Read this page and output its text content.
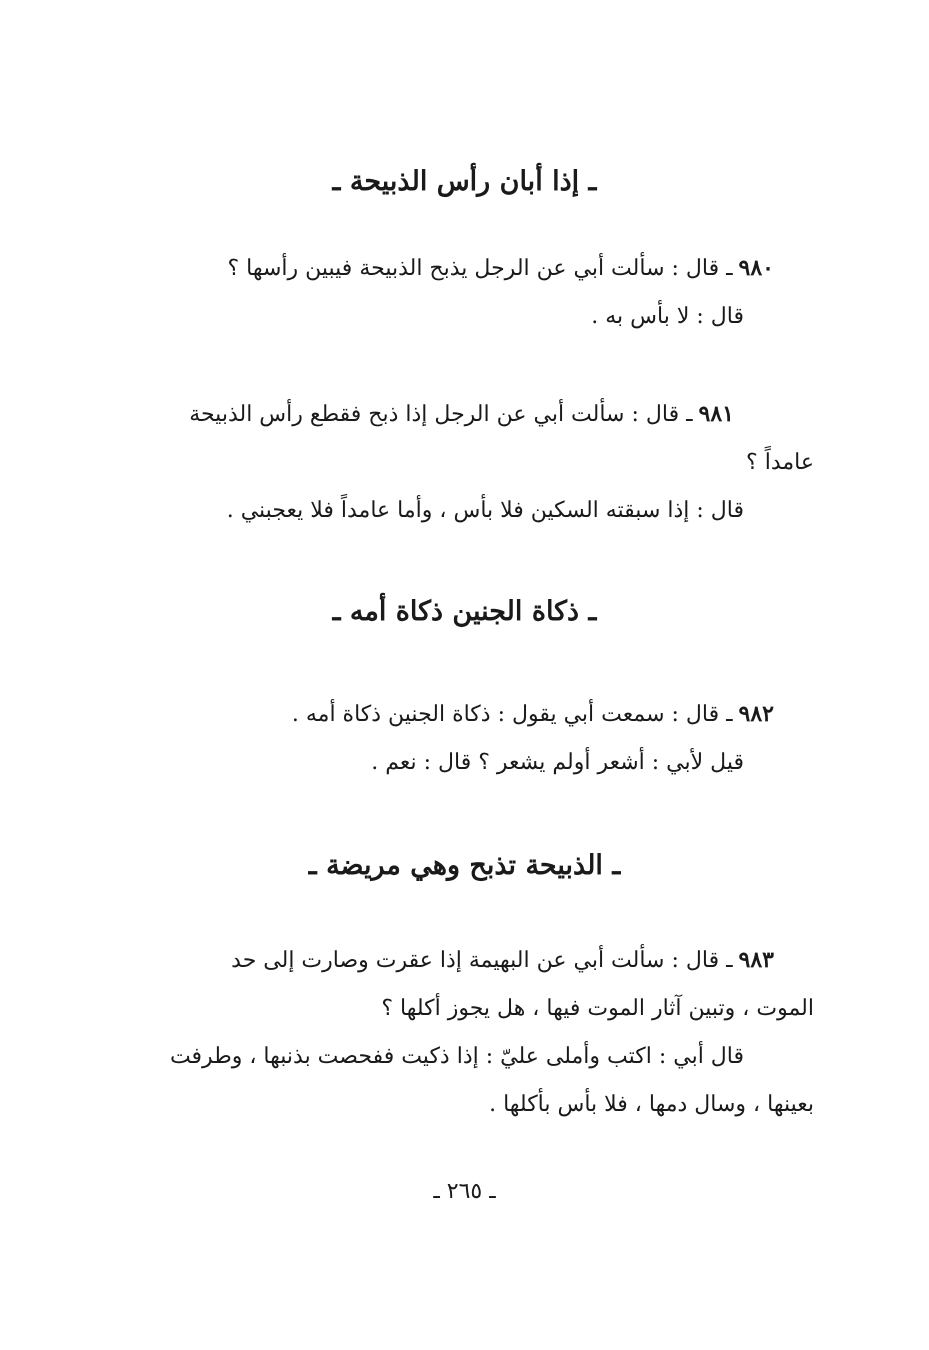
ـ إذا أبان رأس الذبيحة ـ
٩٨٠ـ قال : سألت أبي عن الرجل يذبح الذبيحة فيبين رأسها ؟
قال : لا بأس به .
٩٨١ـ قال : سألت أبي عن الرجل إذا ذبح فقطع رأس الذبيحة
عامداً ؟
قال : إذا سبقته السكين فلا بأس ، وأما عامداً فلا يعجبني .
ـ ذكاة الجنين ذكاة أمه ـ
٩٨٢ـ قال : سمعت أبي يقول : ذكاة الجنين ذكاة أمه .
قيل لأبي : أشعر أولم يشعر ؟ قال : نعم .
ـ الذبيحة تذبح وهي مريضة ـ
٩٨٣ـ قال : سألت أبي عن البهيمة إذا عقرت وصارت إلى حد
الموت ، وتبين آثار الموت فيها ، هل يجوز أكلها ؟
قال أبي : اكتب وأملى عليّ : إذا ذكيت ففحصت بذنبها ، وطرفت
بعينها ، وسال دمها ، فلا بأس بأكلها .
ـ ٢٦٥ ـ
